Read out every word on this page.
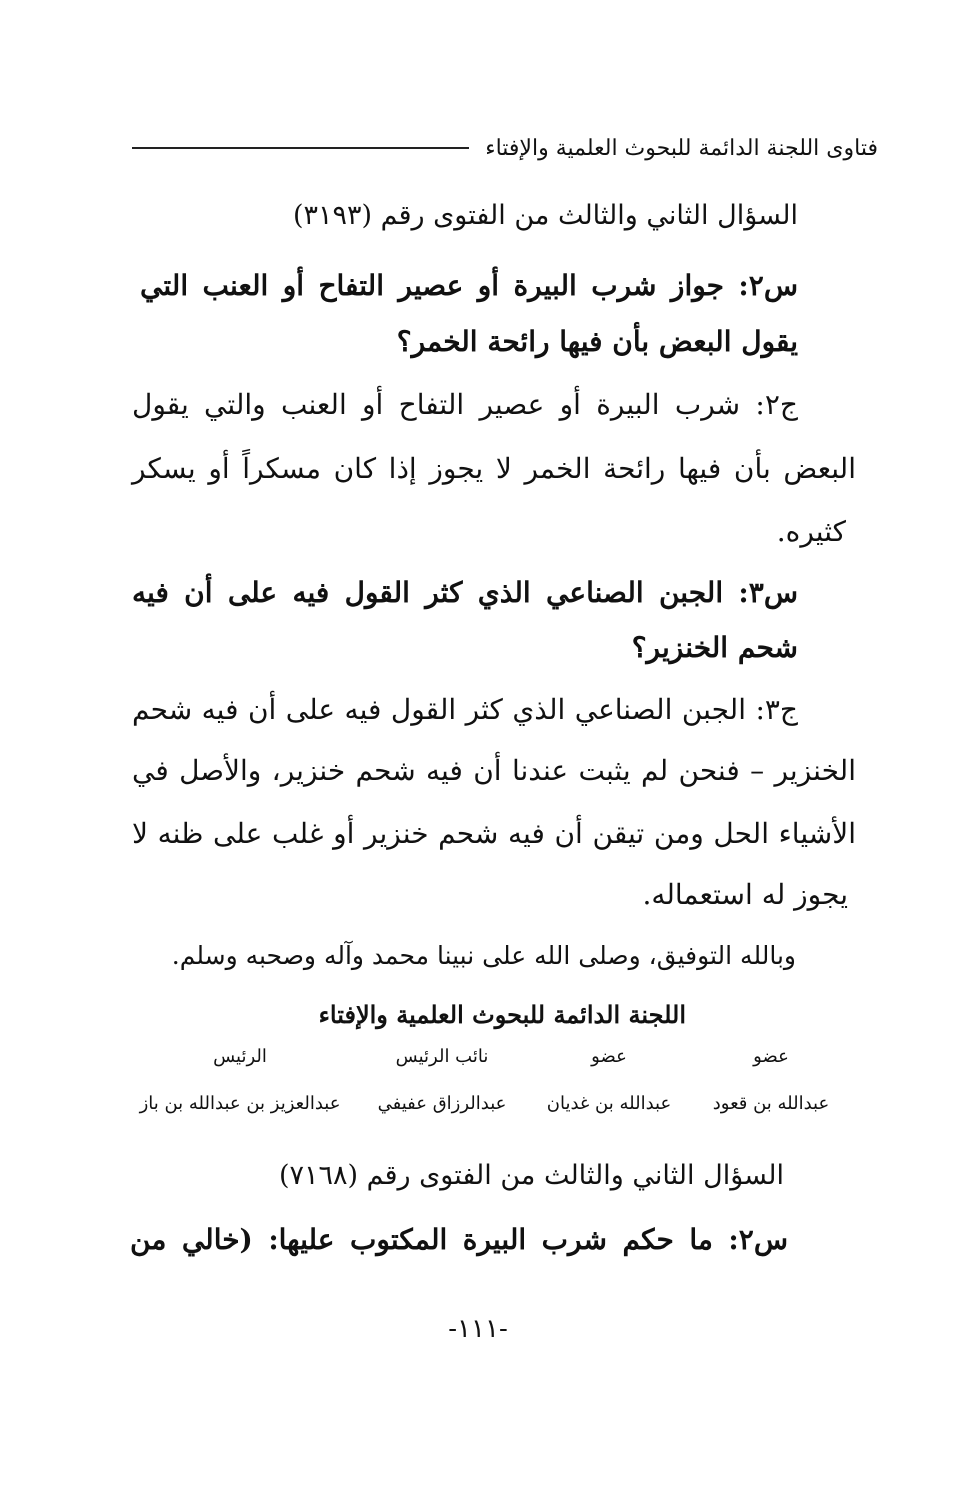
فتاوى اللجنة الدائمة للبحوث العلمية والإفتاء
السؤال الثاني والثالث من الفتوى رقم (٣١٩٣)
س٢: جواز شرب البيرة أو عصير التفاح أو العنب التي
يقول البعض بأن فيها رائحة الخمر؟
ج٢: شرب البيرة أو عصير التفاح أو العنب والتي يقول
البعض بأن فيها رائحة الخمر لا يجوز إذا كان مسكراً أو يسكر
كثيره.
س٣: الجبن الصناعي الذي كثر القول فيه على أن فيه
شحم الخنزير؟
ج٣: الجبن الصناعي الذي كثر القول فيه على أن فيه شحم
الخنزير – فنحن لم يثبت عندنا أن فيه شحم خنزير، والأصل في
الأشياء الحل ومن تيقن أن فيه شحم خنزير أو غلب على ظنه لا
يجوز له استعماله.
وبالله التوفيق، وصلى الله على نبينا محمد وآله وصحبه وسلم.
اللجنة الدائمة للبحوث العلمية والإفتاء
عضو
عضو
نائب الرئيس
الرئيس
عبدالله بن قعود
عبدالله بن غديان
عبدالرزاق عفيفي
عبدالعزيز بن عبدالله بن باز
السؤال الثاني والثالث من الفتوى رقم (٧١٦٨)
س٢: ما حكم شرب البيرة المكتوب عليها: (خالي من
-١١١-
